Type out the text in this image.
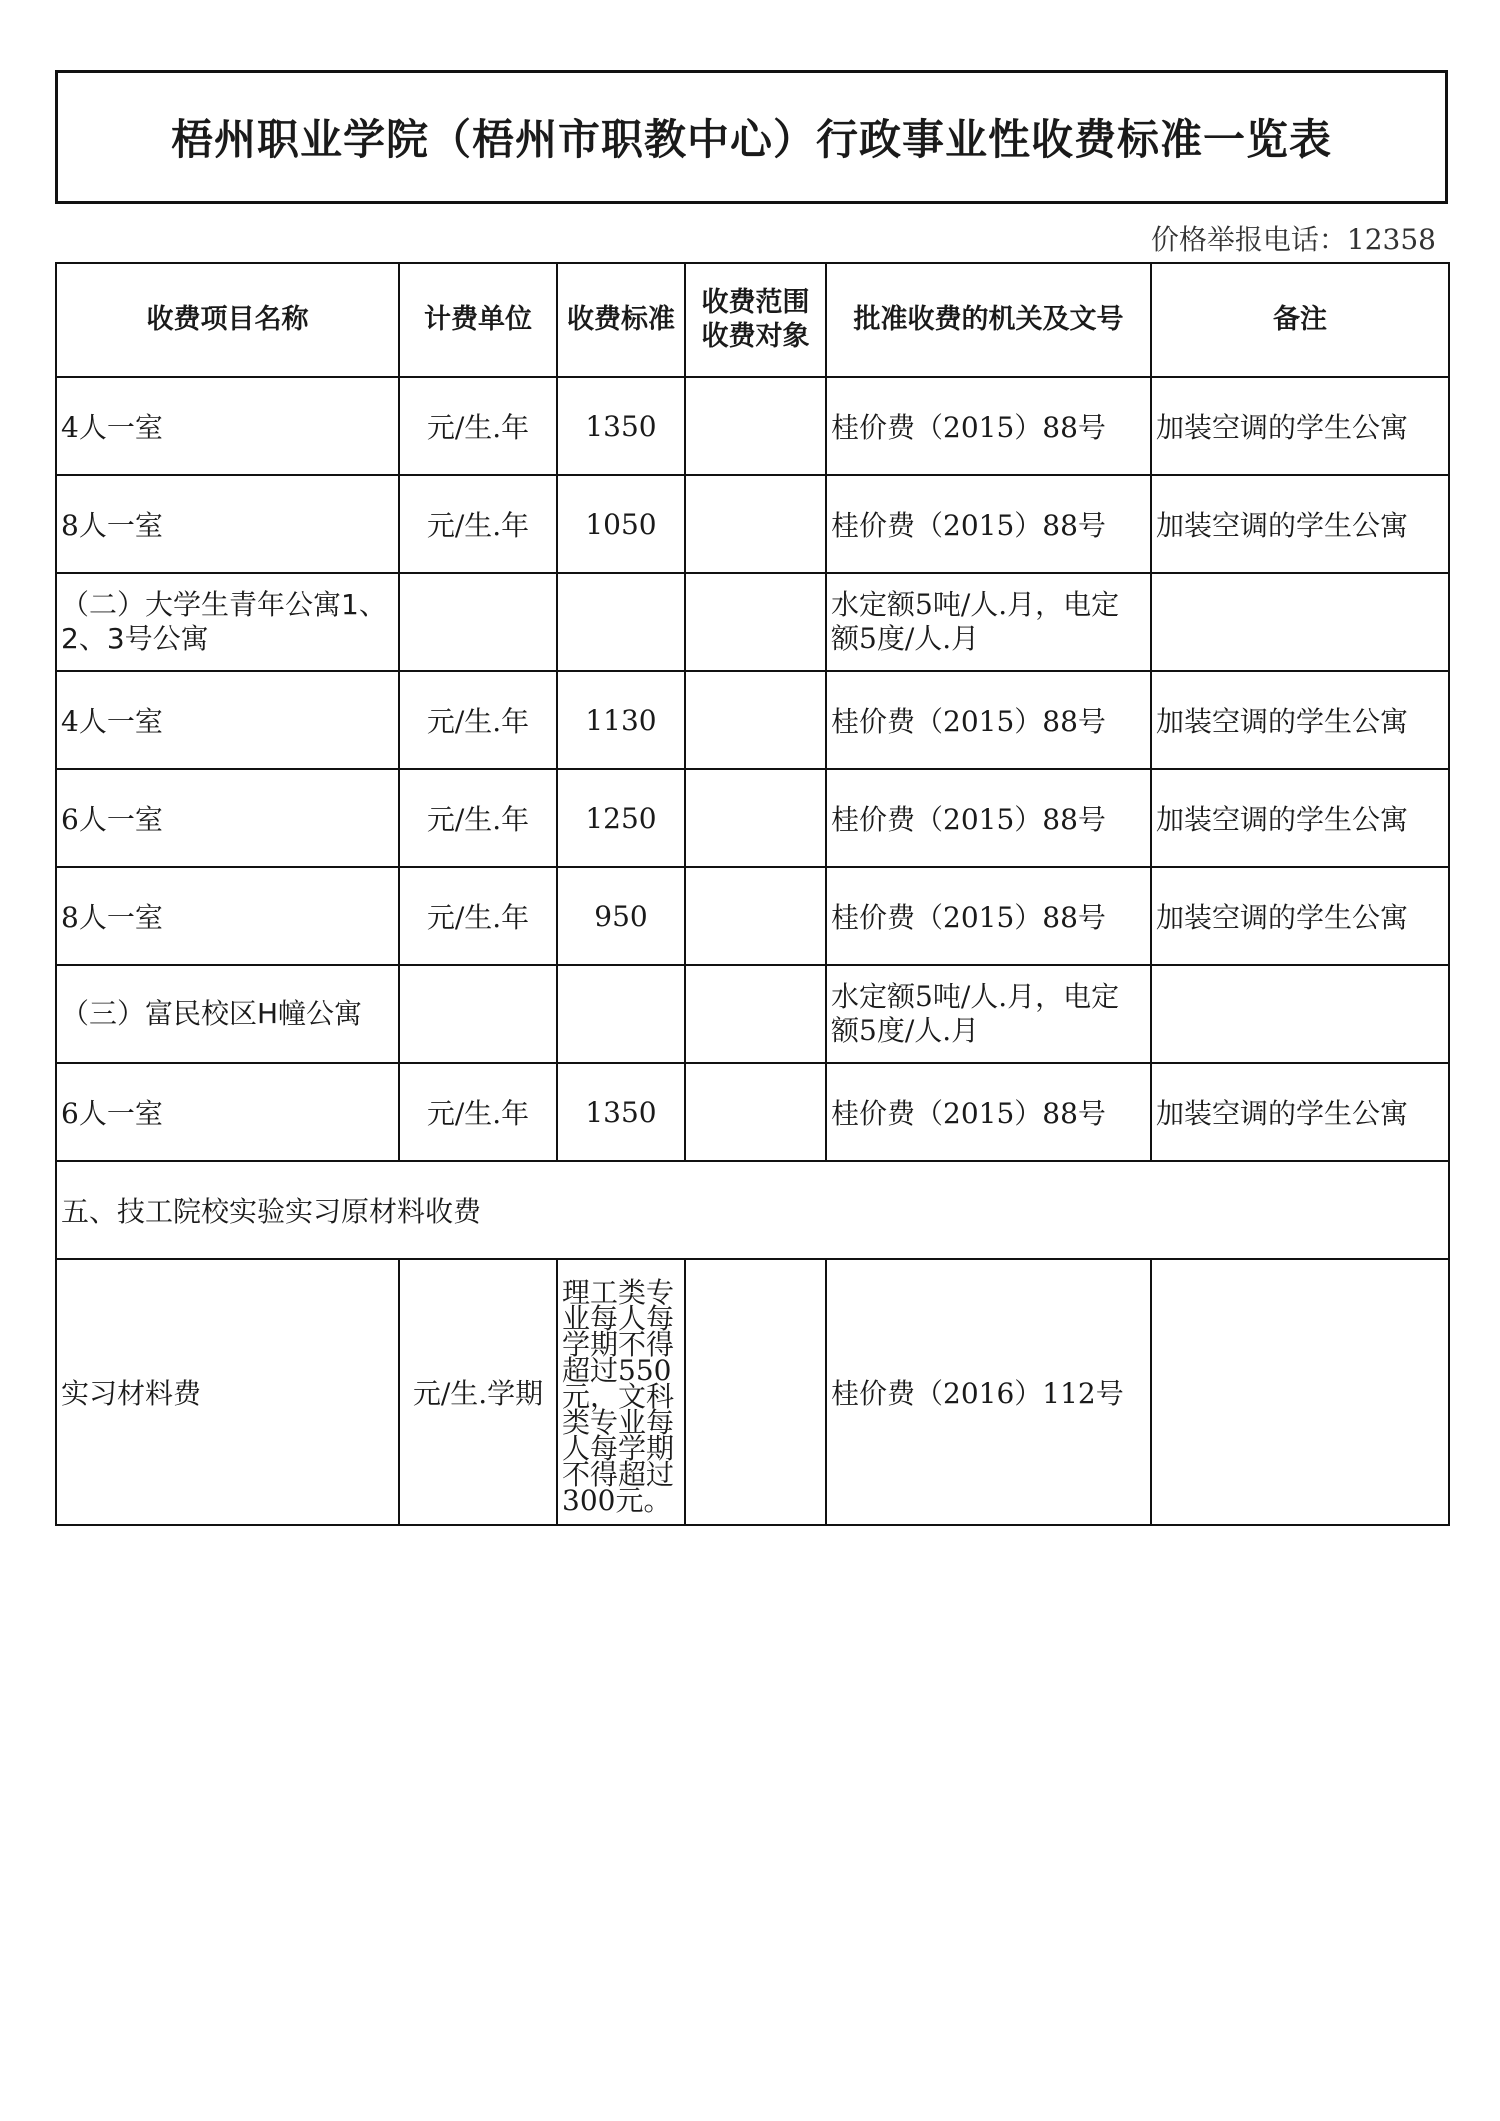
梧州职业学院（梧州市职教中心）行政事业性收费标准一览表
价格举报电话：12358
收费项目名称	计费单位	收费标准	收费范围收费对象	批准收费的机关及文号	备注
4人一室	元/生.年	1350		桂价费（2015）88号	加装空调的学生公寓
8人一室	元/生.年	1050		桂价费（2015）88号	加装空调的学生公寓
（二）大学生青年公寓1、2、3号公寓				水定额5吨/人.月，电定额5度/人.月	
4人一室	元/生.年	1130		桂价费（2015）88号	加装空调的学生公寓
6人一室	元/生.年	1250		桂价费（2015）88号	加装空调的学生公寓
8人一室	元/生.年	950		桂价费（2015）88号	加装空调的学生公寓
（三）富民校区H幢公寓				水定额5吨/人.月，电定额5度/人.月	
6人一室	元/生.年	1350		桂价费（2015）88号	加装空调的学生公寓
五、技工院校实验实习原材料收费					
实习材料费	元/生.学期	理工类专业每人每学期不得超过550元，文科类专业每人每学期不得超过300元。		桂价费（2016）112号	
